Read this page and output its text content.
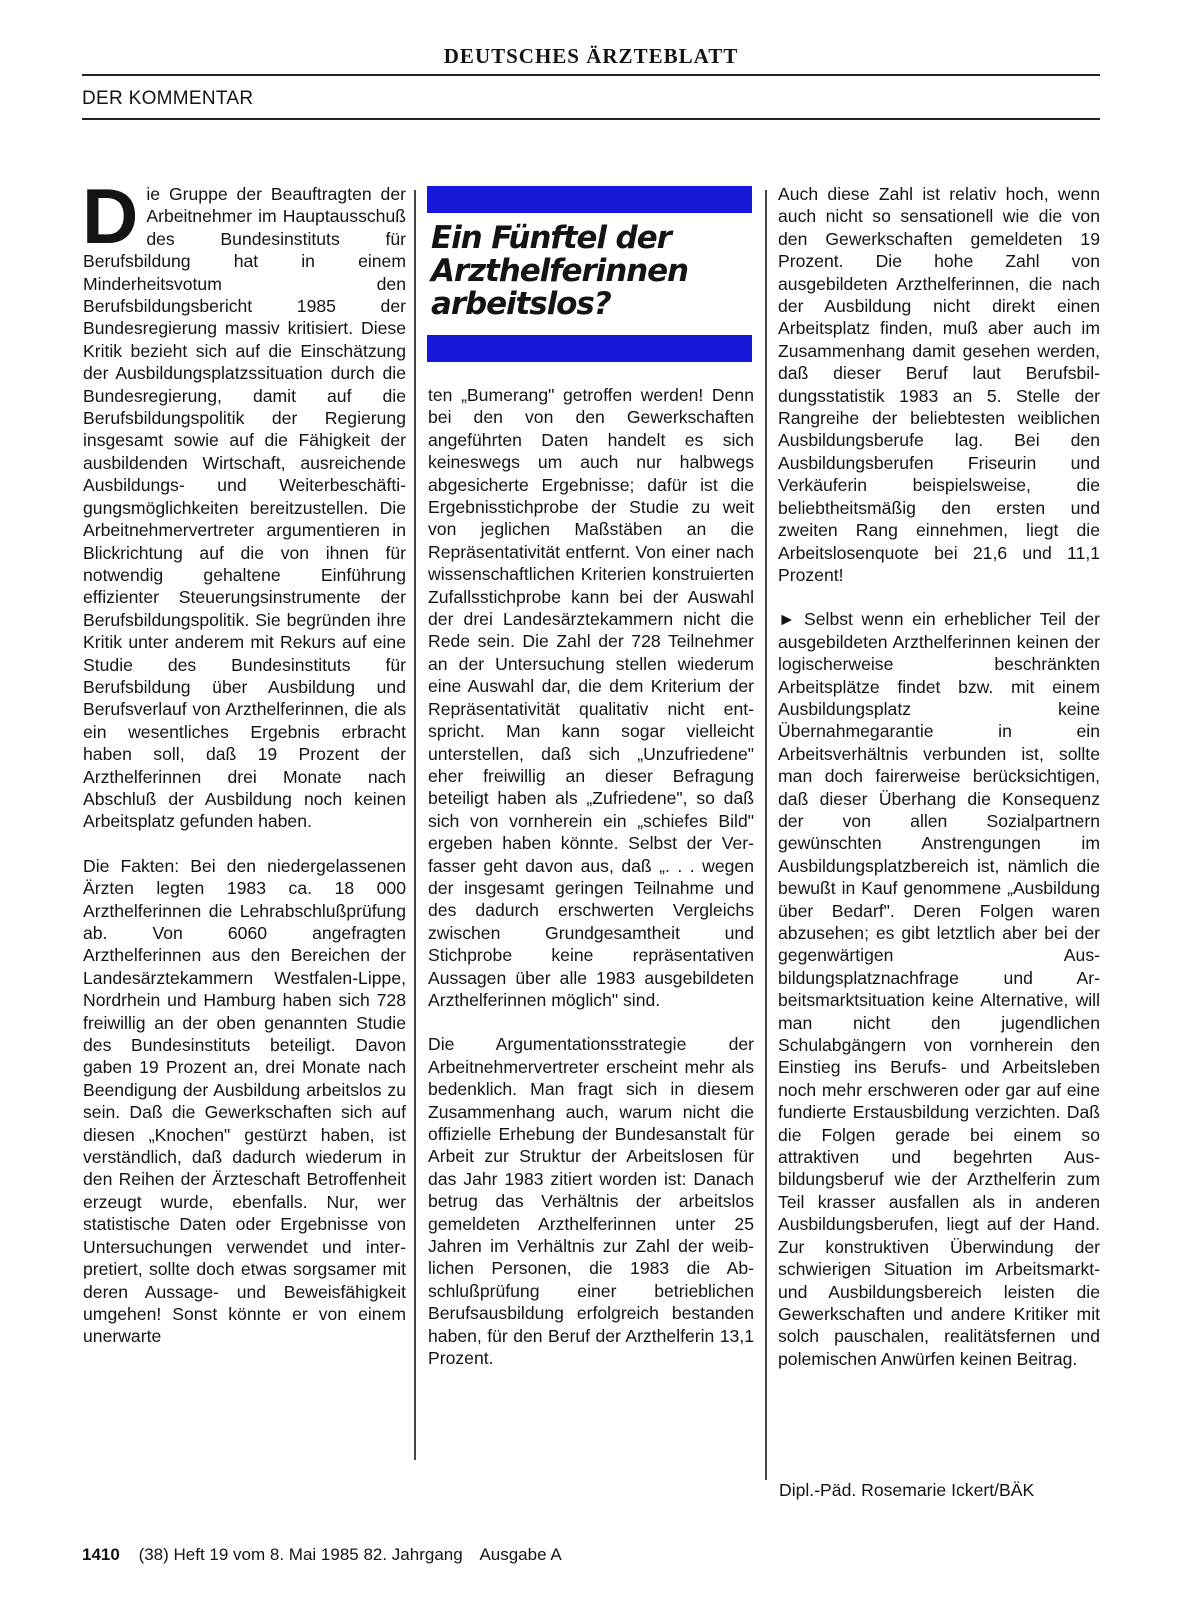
DEUTSCHES ÄRZTEBLATT
DER KOMMENTAR

Die Gruppe der Beauftragten der Arbeitnehmer im Hauptausschuß des Bundesinstituts für Berufsbildung hat in einem Minderheitsvotum den Berufsbildungsbericht 1985 der Bundesregierung massiv kritisiert. Diese Kritik bezieht sich auf die Einschätzung der Ausbildungsplatzssituation durch die Bundesregierung, damit auf die Berufsbildungspolitik der Regierung insgesamt sowie auf die Fähigkeit der ausbildenden Wirtschaft, ausreichende Ausbildungs- und Weiterbeschäftigungsmöglichkeiten bereitzustellen. Die Arbeitnehmervertreter argumentieren in Blickrichtung auf die von ihnen für notwendig gehaltene Einführung effizienter Steuerungsinstrumente der Berufsbildungspolitik. Sie begründen ihre Kritik unter anderem mit Rekurs auf eine Studie des Bundesinstituts für Berufsbildung über Ausbildung und Berufsverlauf von Arzthelferinnen, die als ein wesentliches Ergebnis erbracht haben soll, daß 19 Prozent der Arzthelferinnen drei Monate nach Abschluß der Ausbildung noch keinen Arbeitsplatz gefunden haben.

Die Fakten: Bei den niedergelassenen Ärzten legten 1983 ca. 18 000 Arzthelferinnen die Lehrabschlußprüfung ab. Von 6060 angefragten Arzthelferinnen aus den Bereichen der Landesärztekammern Westfalen-Lippe, Nordrhein und Hamburg haben sich 728 freiwillig an der oben genannten Studie des Bundesinstituts beteiligt. Davon gaben 19 Prozent an, drei Monate nach Beendigung der Ausbildung arbeitslos zu sein. Daß die Gewerkschaften sich auf diesen „Knochen" gestürzt haben, ist verständlich, daß dadurch wiederum in den Reihen der Ärzteschaft Betroffenheit erzeugt wurde, ebenfalls. Nur, wer statistische Daten oder Ergebnisse von Untersuchungen verwendet und interpretiert, sollte doch etwas sorgsamer mit deren Aussage- und Beweisfähigkeit umgehen! Sonst könnte er von einem unerwarte

Ein Fünftel der Arzthelferinnen arbeitslos?

ten „Bumerang" getroffen werden! Denn bei den von den Gewerkschaften angeführten Daten handelt es sich keineswegs um auch nur halbwegs abgesicherte Ergebnisse; dafür ist die Ergebnisstichprobe der Studie zu weit von jeglichen Maßstäben an die Repräsentativität entfernt. Von einer nach wissenschaftlichen Kriterien konstruierten Zufallsstichprobe kann bei der Auswahl der drei Landesärztekammern nicht die Rede sein. Die Zahl der 728 Teilnehmer an der Untersuchung stellen wiederum eine Auswahl dar, die dem Kriterium der Repräsentativität qualitativ nicht entspricht. Man kann sogar vielleicht unterstellen, daß sich „Unzufriedene" eher freiwillig an dieser Befragung beteiligt haben als „Zufriedene", so daß sich von vornherein ein „schiefes Bild" ergeben haben könnte. Selbst der Verfasser geht davon aus, daß „. . . wegen der insgesamt geringen Teilnahme und des dadurch erschwerten Vergleichs zwischen Grundgesamtheit und Stichprobe keine repräsentativen Aussagen über alle 1983 ausgebildeten Arzthelferinnen möglich" sind.

Die Argumentationsstrategie der Arbeitnehmervertreter erscheint mehr als bedenklich. Man fragt sich in diesem Zusammenhang auch, warum nicht die offizielle Erhebung der Bundesanstalt für Arbeit zur Struktur der Arbeitslosen für das Jahr 1983 zitiert worden ist: Danach betrug das Verhältnis der arbeitslos gemeldeten Arzthelferinnen unter 25 Jahren im Verhältnis zur Zahl der weiblichen Personen, die 1983 die Abschlußprüfung einer betrieblichen Berufsausbildung erfolgreich bestanden haben, für den Beruf der Arzthelferin 13,1 Prozent.

Auch diese Zahl ist relativ hoch, wenn auch nicht so sensationell wie die von den Gewerkschaften gemeldeten 19 Prozent. Die hohe Zahl von ausgebildeten Arzthelferinnen, die nach der Ausbildung nicht direkt einen Arbeitsplatz finden, muß aber auch im Zusammenhang damit gesehen werden, daß dieser Beruf laut Berufsbildungsstatistik 1983 an 5. Stelle der Rangreihe der beliebtesten weiblichen Ausbildungsberufe lag. Bei den Ausbildungsberufen Friseurin und Verkäuferin beispielsweise, die beliebtheitsmäßig den ersten und zweiten Rang einnehmen, liegt die Arbeitslosenquote bei 21,6 und 11,1 Prozent!

► Selbst wenn ein erheblicher Teil der ausgebildeten Arzthelferinnen keinen der logischerweise beschränkten Arbeitsplätze findet bzw. mit einem Ausbildungsplatz keine Übernahmegarantie in ein Arbeitsverhältnis verbunden ist, sollte man doch fairerweise berücksichtigen, daß dieser Überhang die Konsequenz der von allen Sozialpartnern gewünschten Anstrengungen im Ausbildungsplatzbereich ist, nämlich die bewußt in Kauf genommene „Ausbildung über Bedarf". Deren Folgen waren abzusehen; es gibt letztlich aber bei der gegenwärtigen Ausbildungsplatznachfrage und Arbeitsmarktsituation keine Alternative, will man nicht den jugendlichen Schulabgängern von vornherein den Einstieg ins Berufs- und Arbeitsleben noch mehr erschweren oder gar auf eine fundierte Erstausbildung verzichten. Daß die Folgen gerade bei einem so attraktiven und begehrten Ausbildungsberuf wie der Arzthelferin zum Teil krasser ausfallen als in anderen Ausbildungsberufen, liegt auf der Hand. Zur konstruktiven Überwindung der schwierigen Situation im Arbeitsmarkt- und Ausbildungsbereich leisten die Gewerkschaften und andere Kritiker mit solch pauschalen, realitätsfernen und polemischen Anwürfen keinen Beitrag.

Dipl.-Päd. Rosemarie Ickert/BÄK
1410 (38) Heft 19 vom 8. Mai 1985 82. Jahrgang Ausgabe A
